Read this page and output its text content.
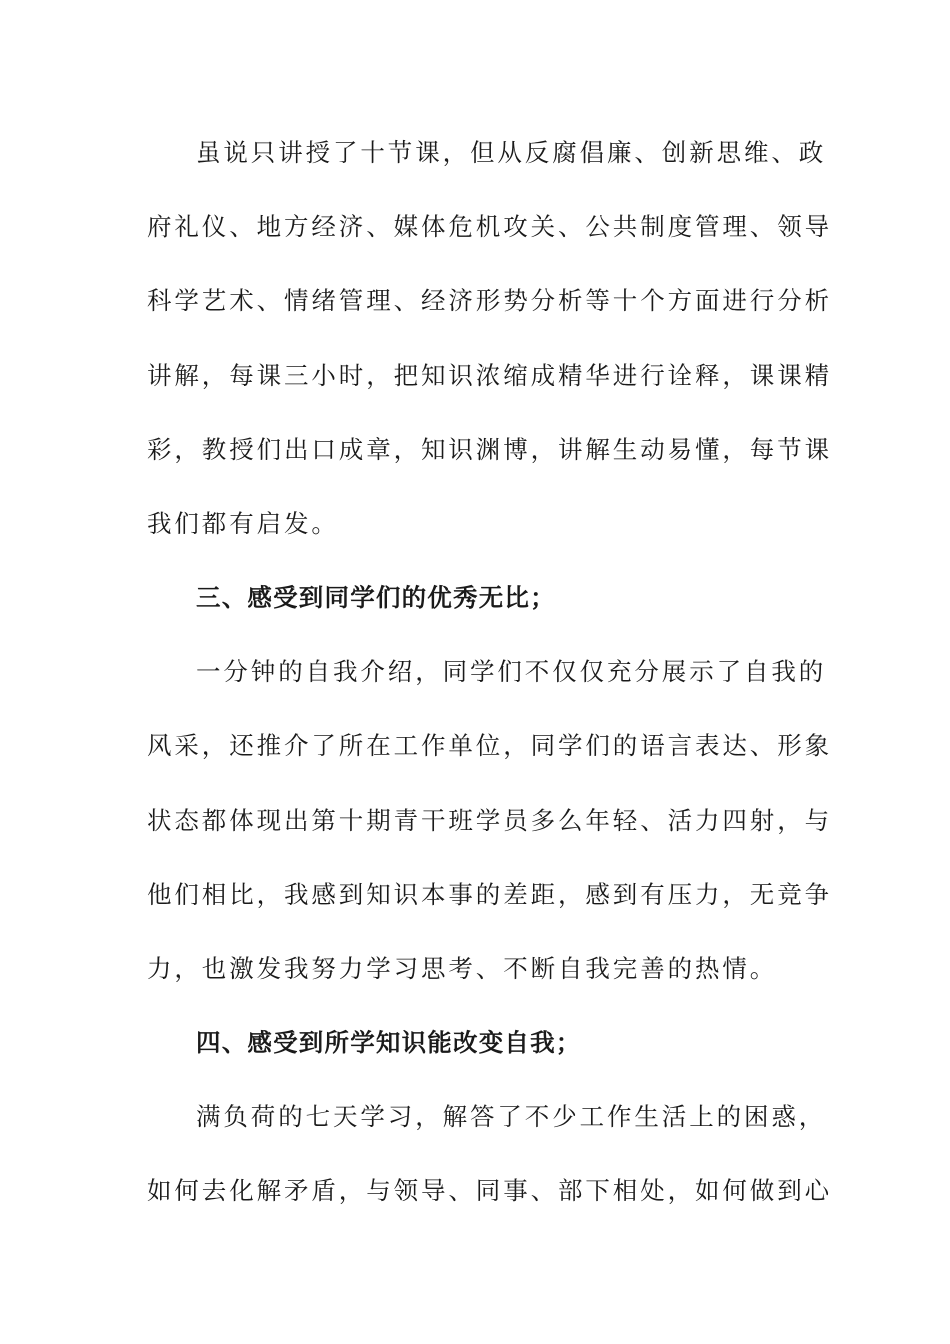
虽说只讲授了十节课，但从反腐倡廉、创新思维、政
府礼仪、地方经济、媒体危机攻关、公共制度管理、领导
科学艺术、情绪管理、经济形势分析等十个方面进行分析
讲解，每课三小时，把知识浓缩成精华进行诠释，课课精
彩，教授们出口成章，知识渊博，讲解生动易懂，每节课
我们都有启发。
三、感受到同学们的优秀无比；
一分钟的自我介绍，同学们不仅仅充分展示了自我的
风采，还推介了所在工作单位，同学们的语言表达、形象
状态都体现出第十期青干班学员多么年轻、活力四射，与
他们相比，我感到知识本事的差距，感到有压力，无竞争
力，也激发我努力学习思考、不断自我完善的热情。
四、感受到所学知识能改变自我；
满负荷的七天学习，解答了不少工作生活上的困惑，
如何去化解矛盾，与领导、同事、部下相处，如何做到心
